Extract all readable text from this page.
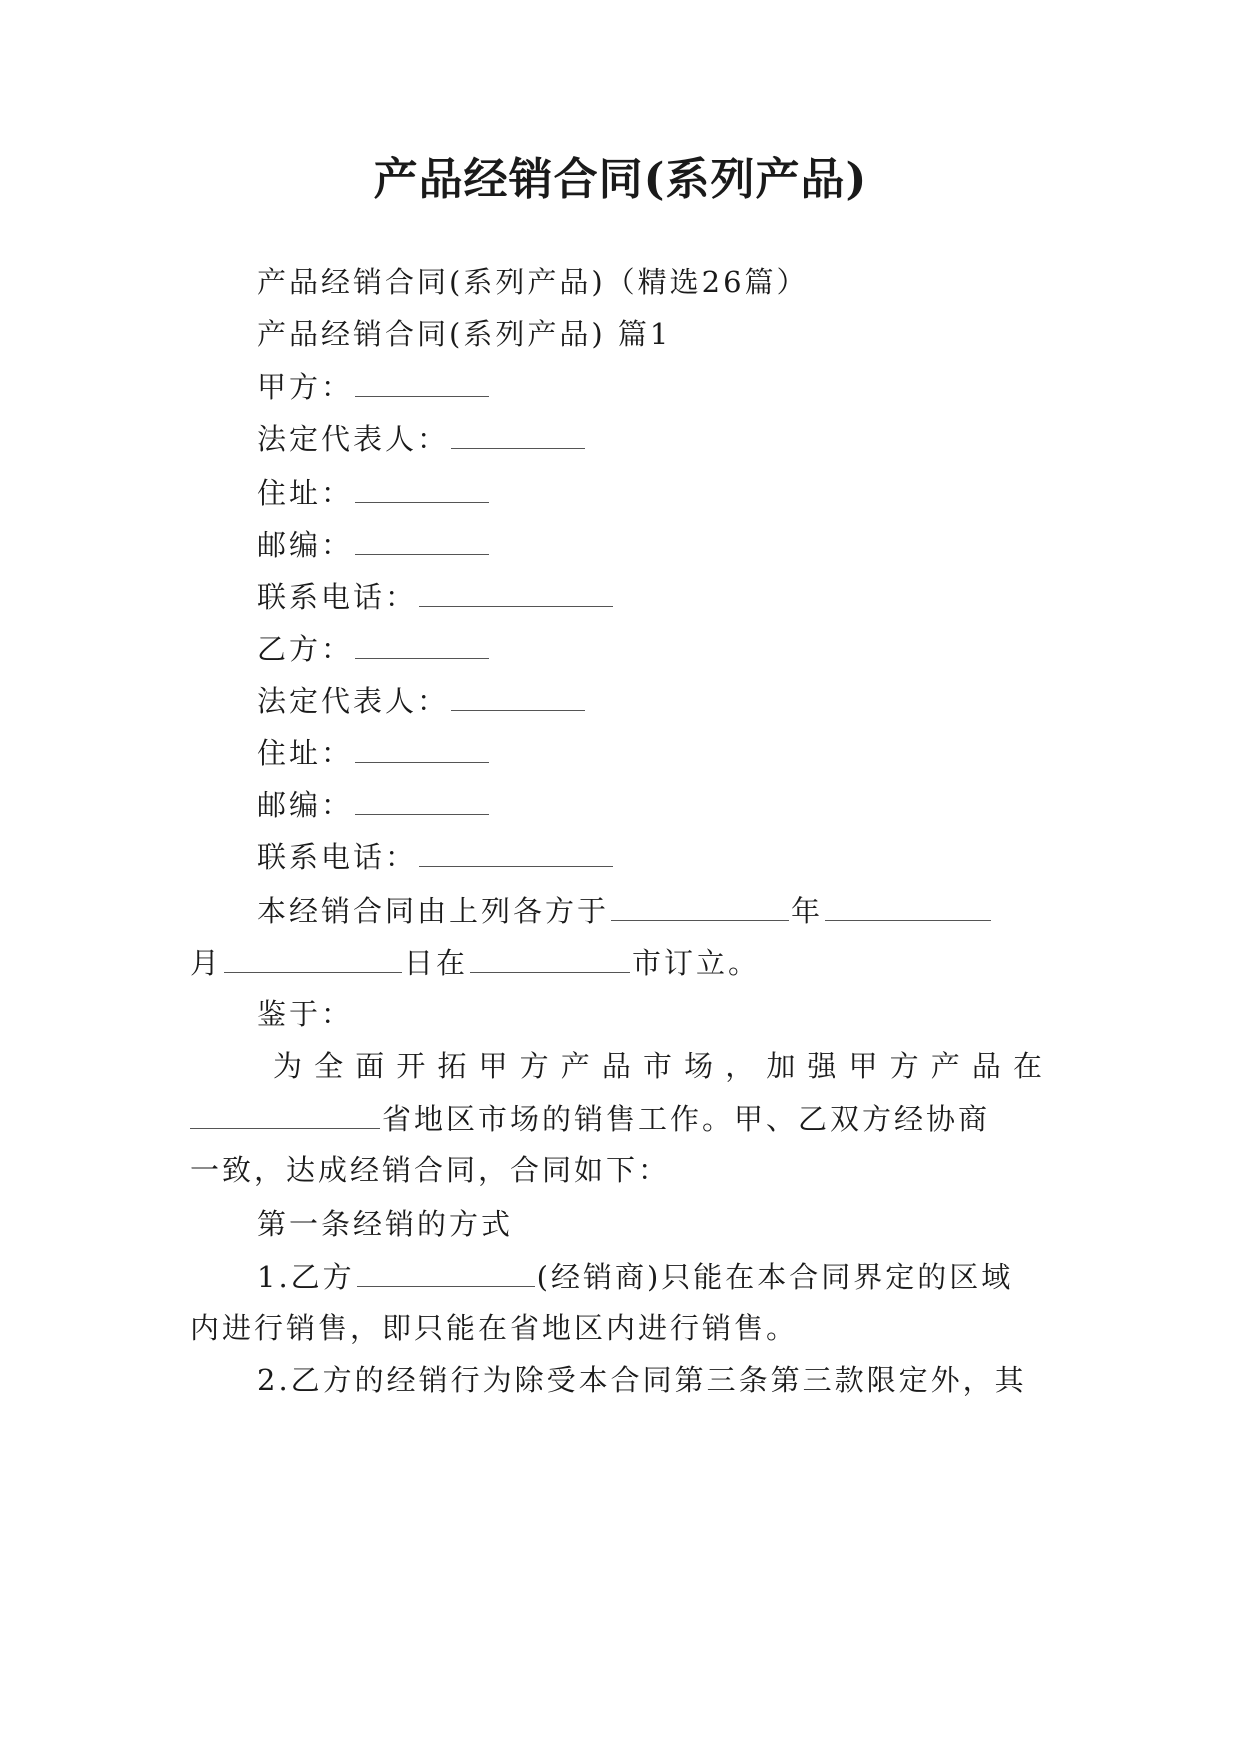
产品经销合同(系列产品)
产品经销合同(系列产品)（精选26篇）
产品经销合同(系列产品) 篇1
甲方：
法定代表人：
住址：
邮编：
联系电话：
乙方：
法定代表人：
住址：
邮编：
联系电话：
本经销合同由上列各方于	年
月	日在	市订立。
鉴于：
为全面开拓甲方产品市场，加强甲方产品在
省地区市场的销售工作。甲、乙双方经协商
一致，达成经销合同，合同如下：
第一条经销的方式
1.乙方	(经销商)只能在本合同界定的区域
内进行销售，即只能在省地区内进行销售。
2.乙方的经销行为除受本合同第三条第三款限定外，其
